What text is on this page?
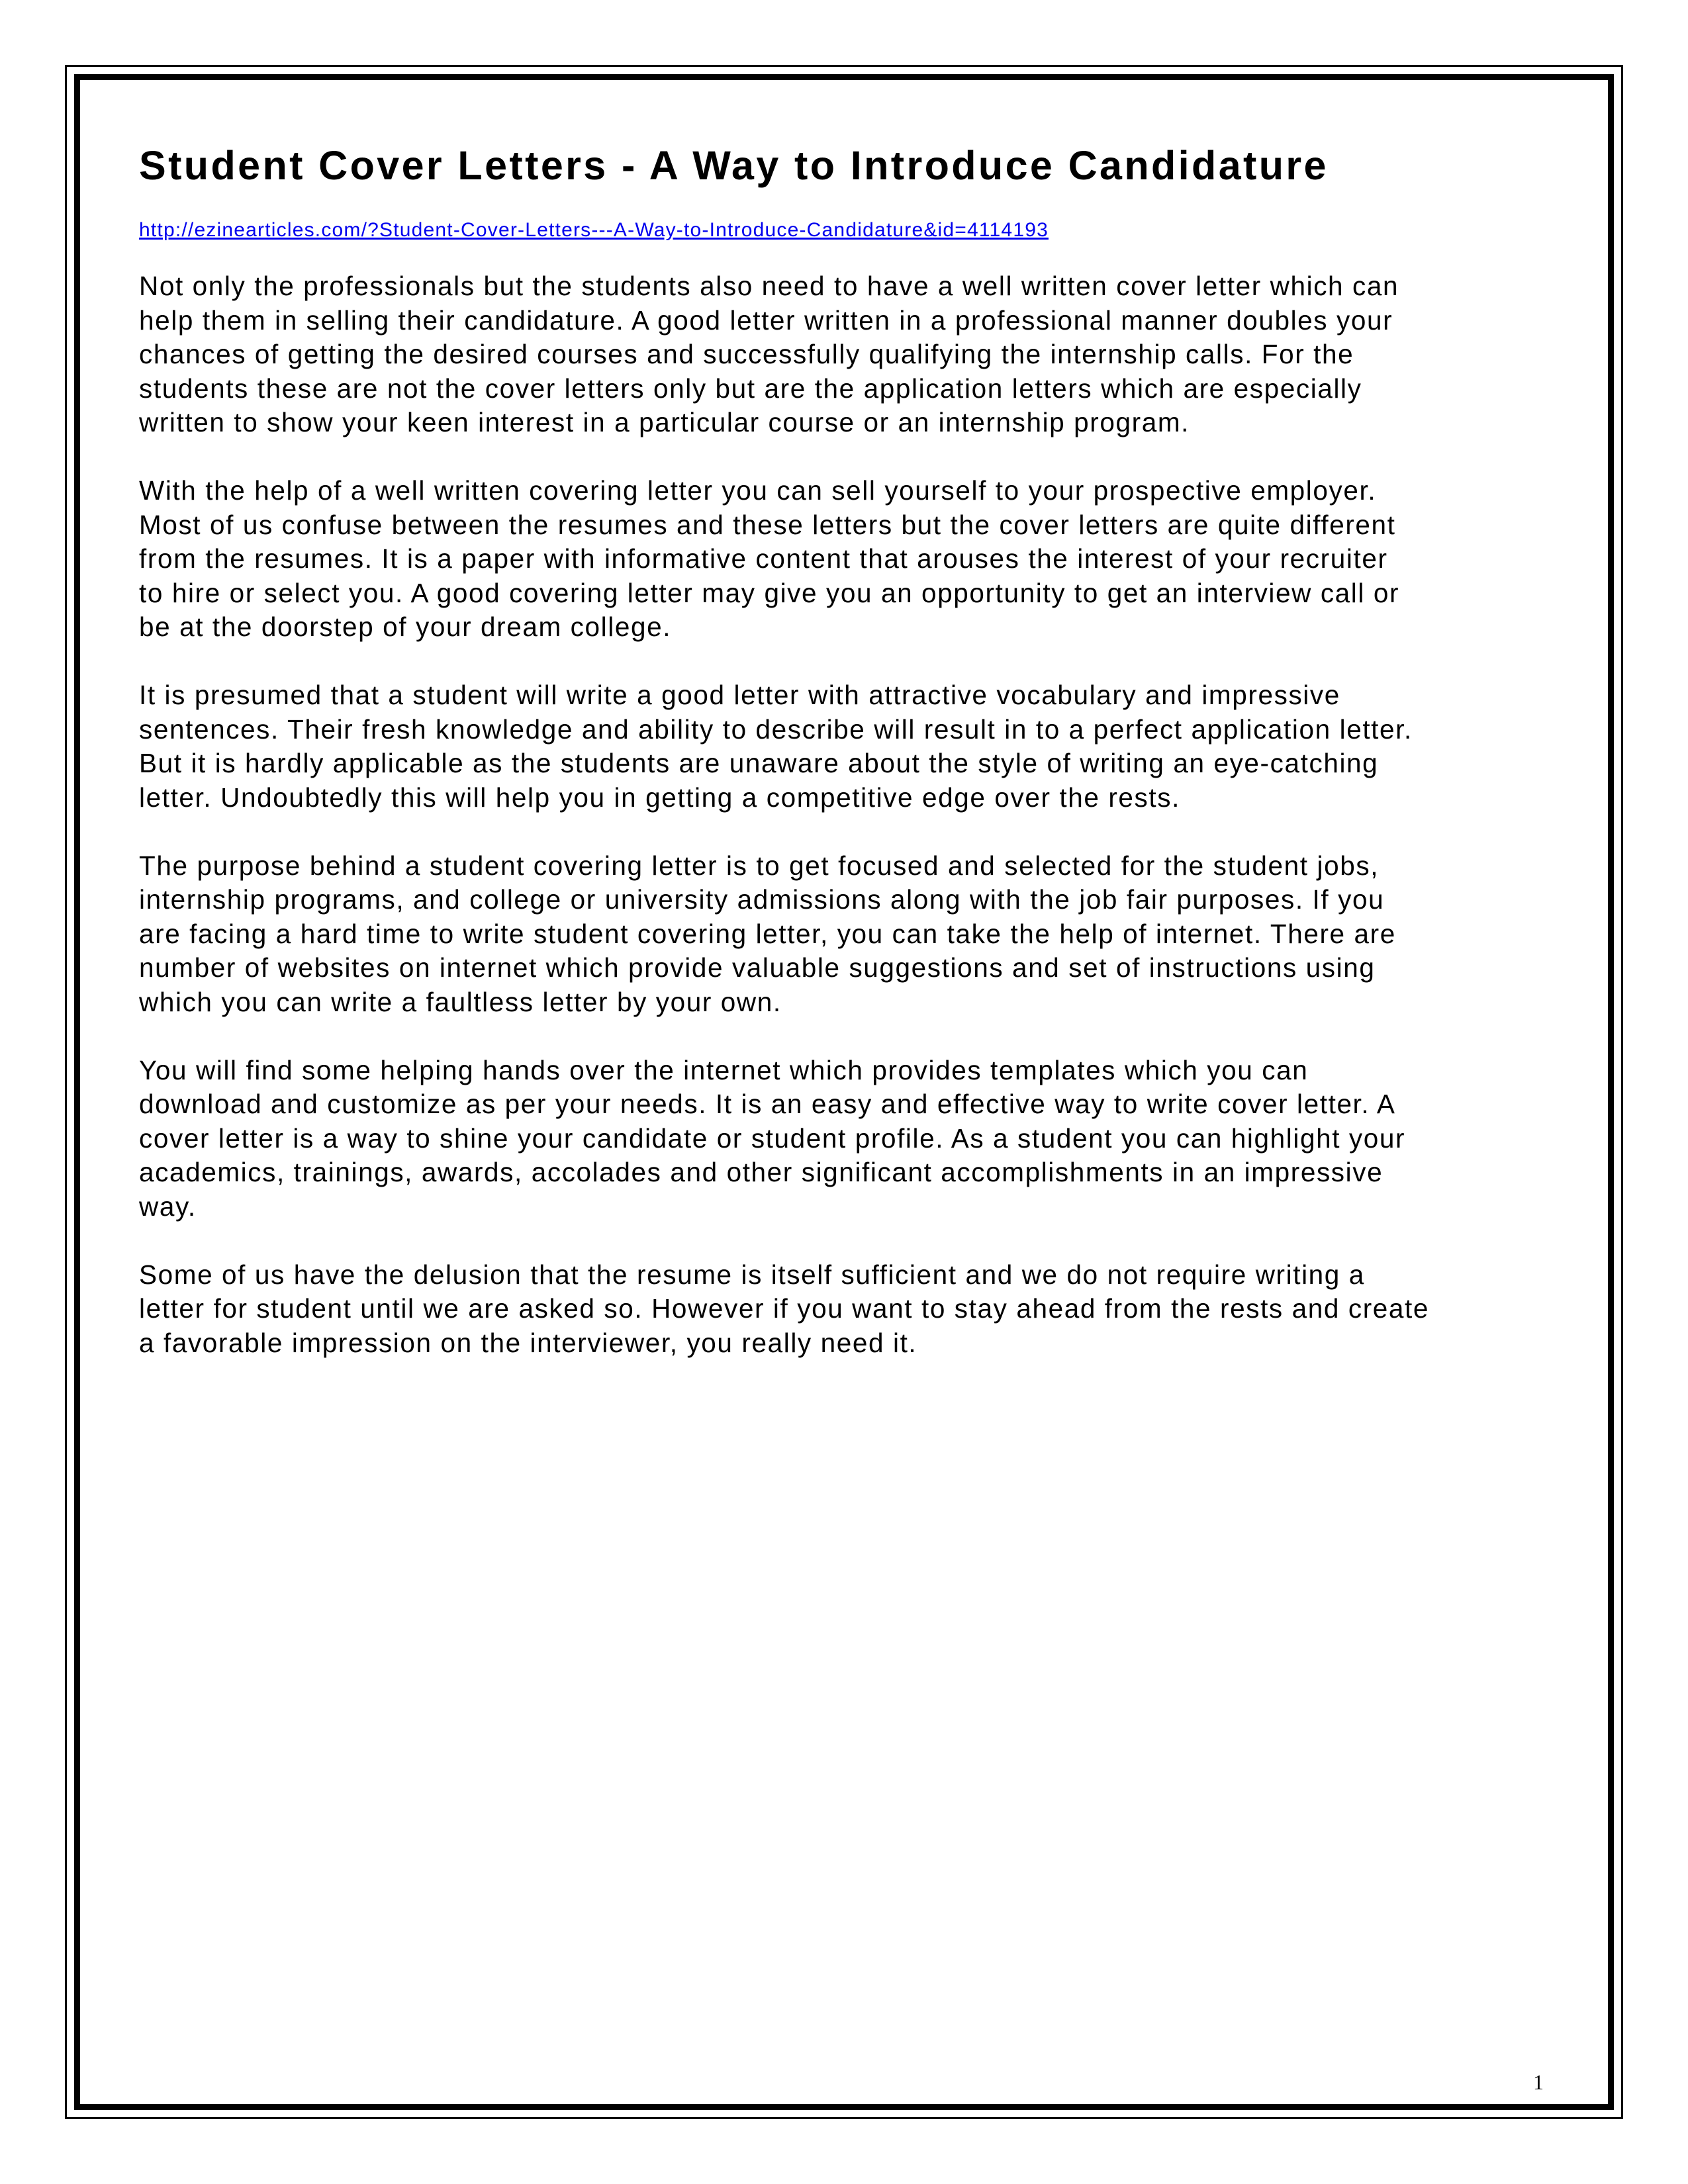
Student Cover Letters - A Way to Introduce Candidature
http://ezinearticles.com/?Student-Cover-Letters---A-Way-to-Introduce-Candidature&id=4114193

Not only the professionals but the students also need to have a well written cover letter which can
help them in selling their candidature. A good letter written in a professional manner doubles your
chances of getting the desired courses and successfully qualifying the internship calls. For the
students these are not the cover letters only but are the application letters which are especially
written to show your keen interest in a particular course or an internship program.

With the help of a well written covering letter you can sell yourself to your prospective employer.
Most of us confuse between the resumes and these letters but the cover letters are quite different
from the resumes. It is a paper with informative content that arouses the interest of your recruiter
to hire or select you. A good covering letter may give you an opportunity to get an interview call or
be at the doorstep of your dream college.

It is presumed that a student will write a good letter with attractive vocabulary and impressive
sentences. Their fresh knowledge and ability to describe will result in to a perfect application letter.
But it is hardly applicable as the students are unaware about the style of writing an eye-catching
letter. Undoubtedly this will help you in getting a competitive edge over the rests.

The purpose behind a student covering letter is to get focused and selected for the student jobs,
internship programs, and college or university admissions along with the job fair purposes. If you
are facing a hard time to write student covering letter, you can take the help of internet. There are
number of websites on internet which provide valuable suggestions and set of instructions using
which you can write a faultless letter by your own.

You will find some helping hands over the internet which provides templates which you can
download and customize as per your needs. It is an easy and effective way to write cover letter. A
cover letter is a way to shine your candidate or student profile. As a student you can highlight your
academics, trainings, awards, accolades and other significant accomplishments in an impressive
way.

Some of us have the delusion that the resume is itself sufficient and we do not require writing a
letter for student until we are asked so. However if you want to stay ahead from the rests and create
a favorable impression on the interviewer, you really need it.

1
